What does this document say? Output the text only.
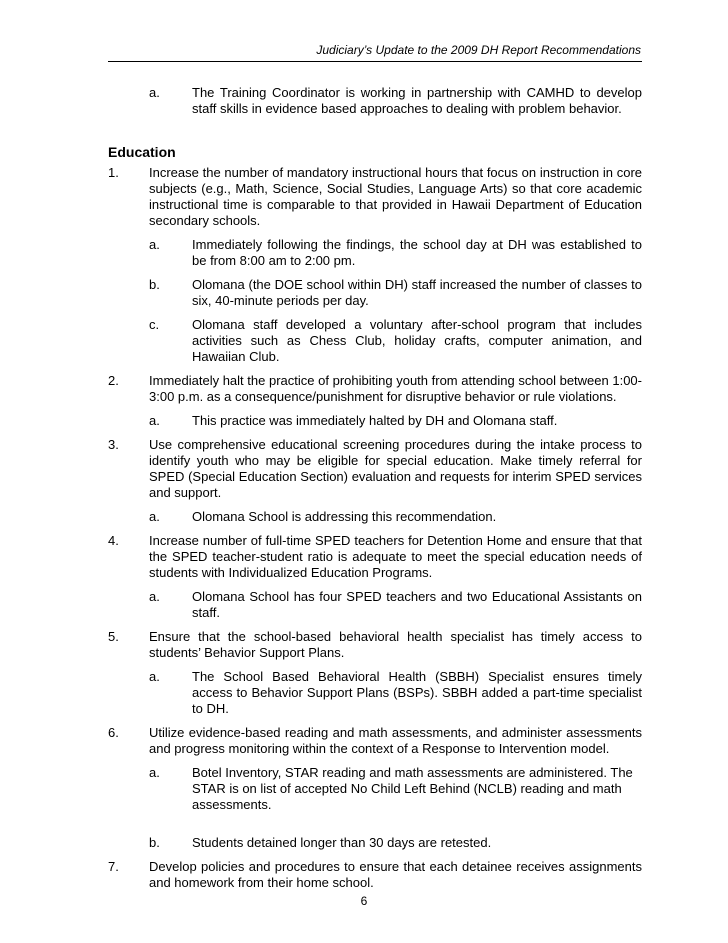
Judiciary’s Update to the 2009 DH Report Recommendations
a.	The Training Coordinator is working in partnership with CAMHD to develop staff skills in evidence based approaches to dealing with problem behavior.
Education
1.	Increase the number of mandatory instructional hours that focus on instruction in core subjects (e.g., Math, Science, Social Studies, Language Arts) so that core academic instructional time is comparable to that provided in Hawaii Department of Education secondary schools.
a.	Immediately following the findings, the school day at DH was established to be from 8:00 am to 2:00 pm.
b.	Olomana (the DOE school within DH) staff increased the number of classes to six, 40-minute periods per day.
c.	Olomana staff developed a voluntary after-school program that includes activities such as Chess Club, holiday crafts, computer animation, and Hawaiian Club.
2.	Immediately halt the practice of prohibiting youth from attending school between 1:00-3:00 p.m. as a consequence/punishment for disruptive behavior or rule violations.
a.	This practice was immediately halted by DH and Olomana staff.
3.	Use comprehensive educational screening procedures during the intake process to identify youth who may be eligible for special education. Make timely referral for SPED (Special Education Section) evaluation and requests for interim SPED services and support.
a.	Olomana School is addressing this recommendation.
4.	Increase number of full-time SPED teachers for Detention Home and ensure that that the SPED teacher-student ratio is adequate to meet the special education needs of students with Individualized Education Programs.
a.	Olomana School has four SPED teachers and two Educational Assistants on staff.
5.	Ensure that the school-based behavioral health specialist has timely access to students’ Behavior Support Plans.
a.	The School Based Behavioral Health (SBBH) Specialist ensures timely access to Behavior Support Plans (BSPs). SBBH added a part-time specialist to DH.
6.	Utilize evidence-based reading and math assessments, and administer assessments and progress monitoring within the context of a Response to Intervention model.
a.	Botel Inventory, STAR reading and math assessments are administered. The STAR is on list of accepted No Child Left Behind (NCLB) reading and math assessments.
b.	Students detained longer than 30 days are retested.
7.	Develop policies and procedures to ensure that each detainee receives assignments and homework from their home school.
6
